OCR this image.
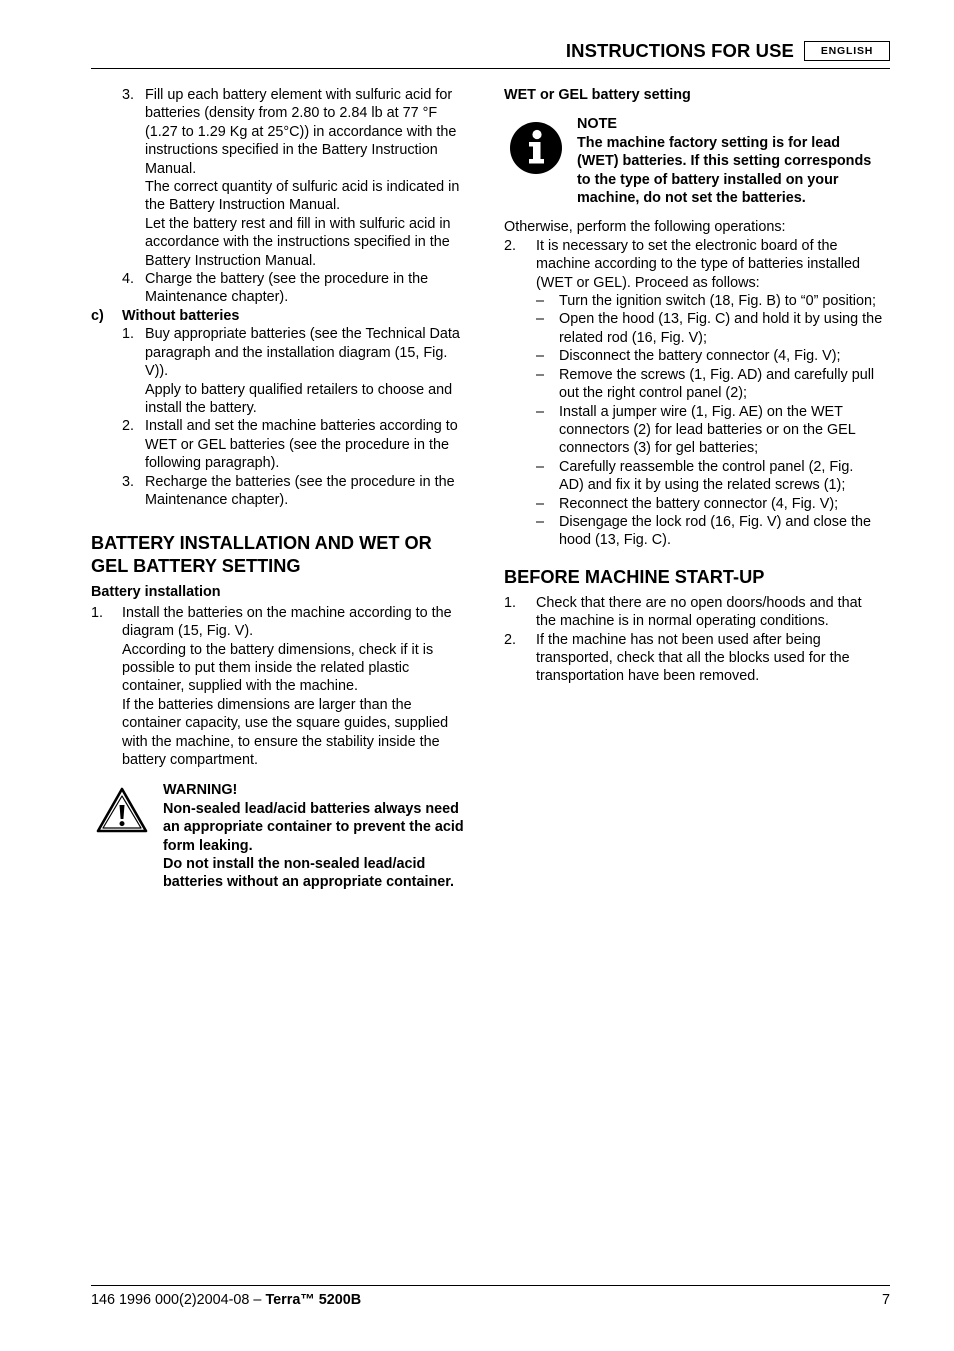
INSTRUCTIONS FOR USE	ENGLISH
3. Fill up each battery element with sulfuric acid for
batteries (density from 2.80 to 2.84 lb at 77 °F
(1.27 to 1.29 Kg at 25°C)) in accordance with the
instructions specified in the Battery Instruction
Manual.
The correct quantity of sulfuric acid is indicated in
the Battery Instruction Manual.
Let the battery rest and fill in with sulfuric acid in
accordance with the instructions specified in the
Battery Instruction Manual.
4. Charge the battery (see the procedure in the
Maintenance chapter).
c) Without batteries
1. Buy appropriate batteries (see the Technical Data
paragraph and the installation diagram (15, Fig.
V)).
Apply to battery qualified retailers to choose and
install the battery.
2. Install and set the machine batteries according to
WET or GEL batteries (see the procedure in the
following paragraph).
3. Recharge the batteries (see the procedure in the
Maintenance chapter).
BATTERY INSTALLATION AND WET OR
GEL BATTERY SETTING
Battery installation
1. Install the batteries on the machine according to the
diagram (15, Fig. V).
According to the battery dimensions, check if it is
possible to put them inside the related plastic
container, supplied with the machine.
If the batteries dimensions are larger than the
container capacity, use the square guides, supplied
with the machine, to ensure the stability inside the
battery compartment.
WARNING!
Non-sealed lead/acid batteries always need
an appropriate container to prevent the acid
form leaking.
Do not install the non-sealed lead/acid
batteries without an appropriate container.
WET or GEL battery setting
NOTE
The machine factory setting is for lead
(WET) batteries. If this setting corresponds
to the type of battery installed on your
machine, do not set the batteries.

Otherwise, perform the following operations:

2. It is necessary to set the electronic board of the
machine according to the type of batteries installed
(WET or GEL). Proceed as follows:
– Turn the ignition switch (18, Fig. B) to “0” position;
– Open the hood (13, Fig. C) and hold it by using the
related rod (16, Fig. V);
– Disconnect the battery connector (4, Fig. V);
– Remove the screws (1, Fig. AD) and carefully pull
out the right control panel (2);
– Install a jumper wire (1, Fig. AE) on the WET
connectors (2) for lead batteries or on the GEL
connectors (3) for gel batteries;
– Carefully reassemble the control panel (2, Fig.
AD) and fix it by using the related screws (1);
– Reconnect the battery connector (4, Fig. V);
– Disengage the lock rod (16, Fig. V) and close the
hood (13, Fig. C).
BEFORE MACHINE START-UP
1. Check that there are no open doors/hoods and that
the machine is in normal operating conditions.
2. If the machine has not been used after being
transported, check that all the blocks used for the
transportation have been removed.
146 1996 000(2)2004-08 – Terra™ 5200B	7
